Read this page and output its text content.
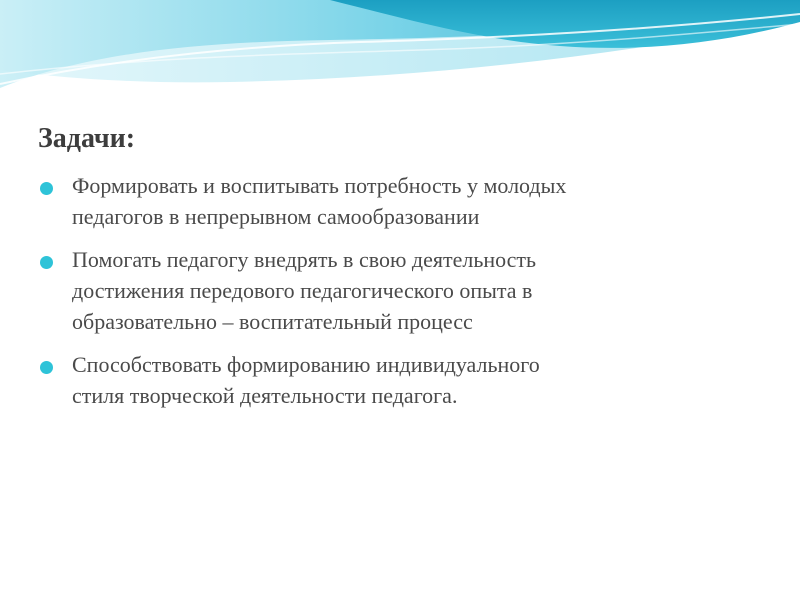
Задачи:
Формировать и воспитывать потребность у молодых
педагогов в непрерывном самообразовании
Помогать педагогу внедрять в свою деятельность
достижения передового педагогического опыта в
образовательно – воспитательный процесс
Способствовать формированию индивидуального
стиля творческой деятельности педагога.
